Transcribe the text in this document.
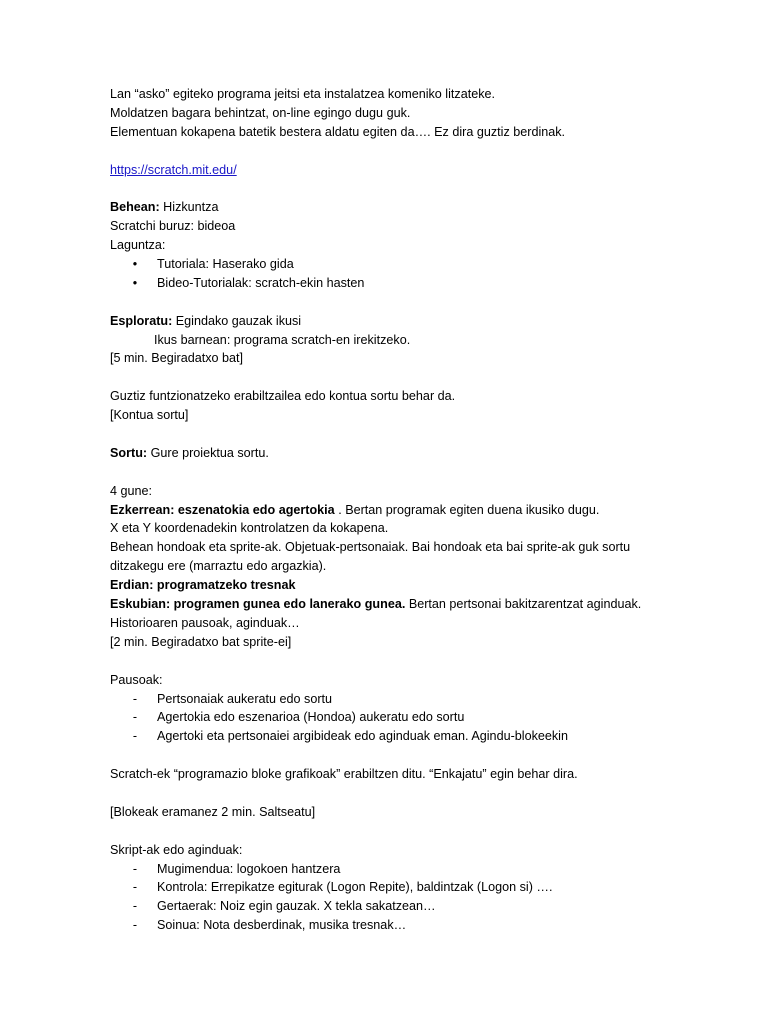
Lan “asko” egiteko programa jeitsi eta instalatzea komeniko litzateke.
Moldatzen bagara behintzat, on-line egingo dugu guk.
Elementuan kokapena batetik bestera aldatu egiten da…. Ez dira guztiz berdinak.
https://scratch.mit.edu/
Behean: Hizkuntza
Scratchi buruz: bideoa
Laguntza:
• Tutoriala: Haserako gida
• Bideo-Tutorialak: scratch-ekin hasten
Esploratu: Egindako gauzak ikusi
Ikus barnean: programa scratch-en irekitzeko.
[5 min. Begiradatxo bat]
Guztiz funtzionatzeko erabiltzailea edo kontua sortu behar da.
[Kontua sortu]
Sortu: Gure proiektua sortu.
4 gune:
Ezkerrean: eszenatokia edo agertokia . Bertan programak egiten duena ikusiko dugu.
X eta Y koordenadekin kontrolatzen da kokapena.
Behean hondoak eta sprite-ak. Objetuak-pertsonaiak. Bai hondoak eta bai sprite-ak guk sortu
ditzakegu ere (marraztu edo argazkia).
Erdian: programatzeko tresnak
Eskubian: programen gunea edo lanerako gunea. Bertan pertsonai bakitzarentzat aginduak.
Historioaren pausoak, aginduak…
[2 min. Begiradatxo bat sprite-ei]
Pausoak:
- Pertsonaiak aukeratu edo sortu
- Agertokia edo eszenarioa (Hondoa) aukeratu edo sortu
- Agertoki eta pertsonaiei argibideak edo aginduak eman. Agindu-blokeekin
Scratch-ek “programazio bloke grafikoak” erabiltzen ditu. “Enkajatu” egin behar dira.
[Blokeak eramanez 2 min. Saltseatu]
Skript-ak edo aginduak:
- Mugimendua: logokoen hantzera
- Kontrola: Errepikatze egiturak (Logon Repite), baldintzak (Logon si) ….
- Gertaerak: Noiz egin gauzak. X tekla sakatzean…
- Soinua: Nota desberdinak, musika tresnak…
